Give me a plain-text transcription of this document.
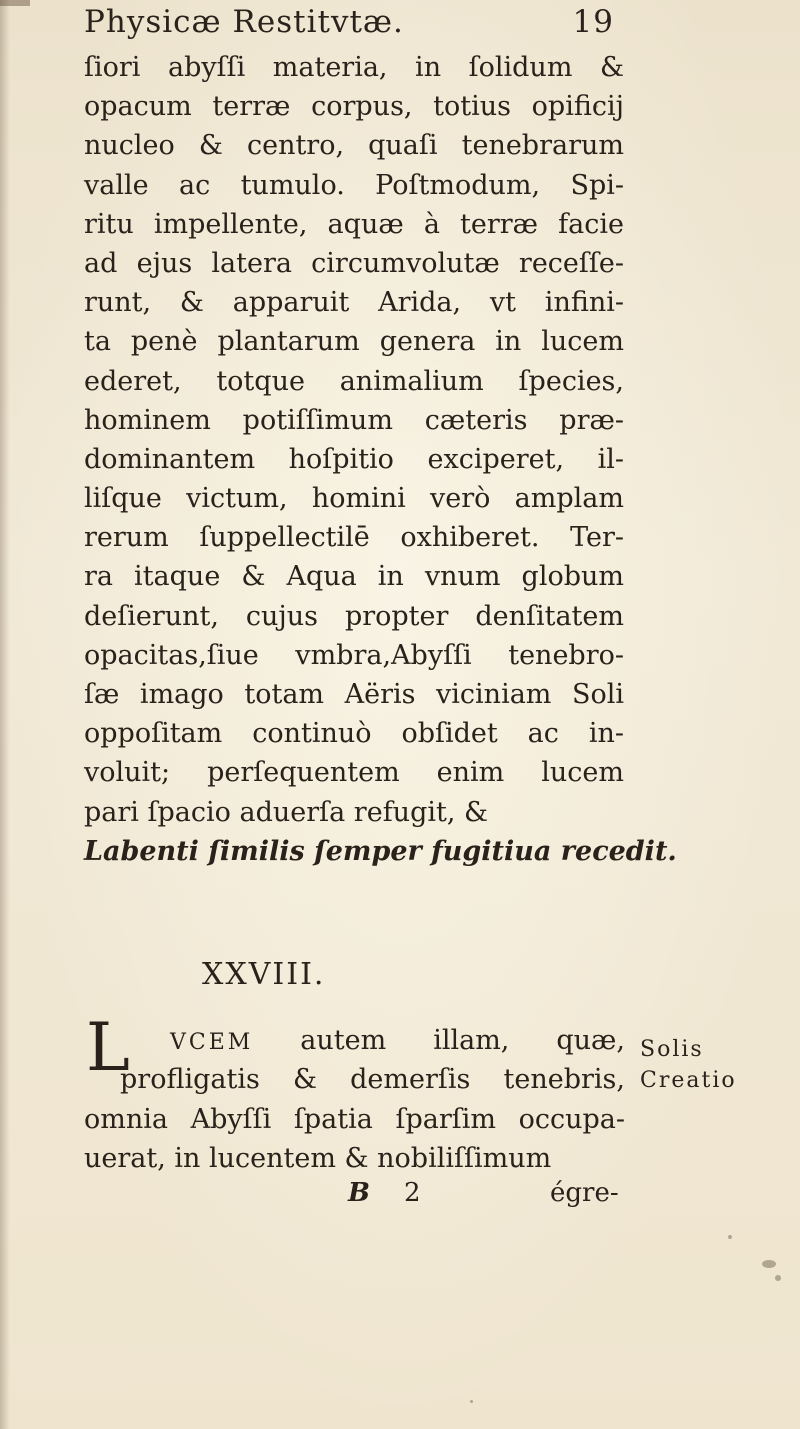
Physicæ Restitvtæ.	19
ſiori abyſſi materia, in ſolidum &
opacum terræ corpus, totius opificij
nucleo & centro, quaſi tenebrarum
valle ac tumulo. Poſtmodum, Spi-
ritu impellente, aquæ à terræ facie
ad ejus latera circumvolutæ receſſe-
runt, & apparuit Arida, vt infini-
ta penè plantarum genera in lucem
ederet, totque animalium ſpecies,
hominem potiſſimum cæteris præ-
dominantem hoſpitio exciperet, il-
liſque victum, homini verò amplam
rerum ſuppellectilē oxhiberet. Ter-
ra itaque & Aqua in vnum globum
deſierunt, cujus propter denſitatem
opacitas,ſiue vmbra,Abyſſi tenebro-
ſæ imago totam Aëris viciniam Soli
oppoſitam continuò obſidet ac in-
voluit; perſequentem enim lucem
pari ſpacio aduerſa refugit, &
Labenti ſimilis ſemper fugitiua recedit.
XXVIII.
L VCEM autem illam, quæ,
profligatis & demerſis tenebris,
omnia Abyſſi ſpatia ſparſim occupa-
uerat, in lucentem & nobiliſſimum
Solis
Creatio
B 2	égre-
